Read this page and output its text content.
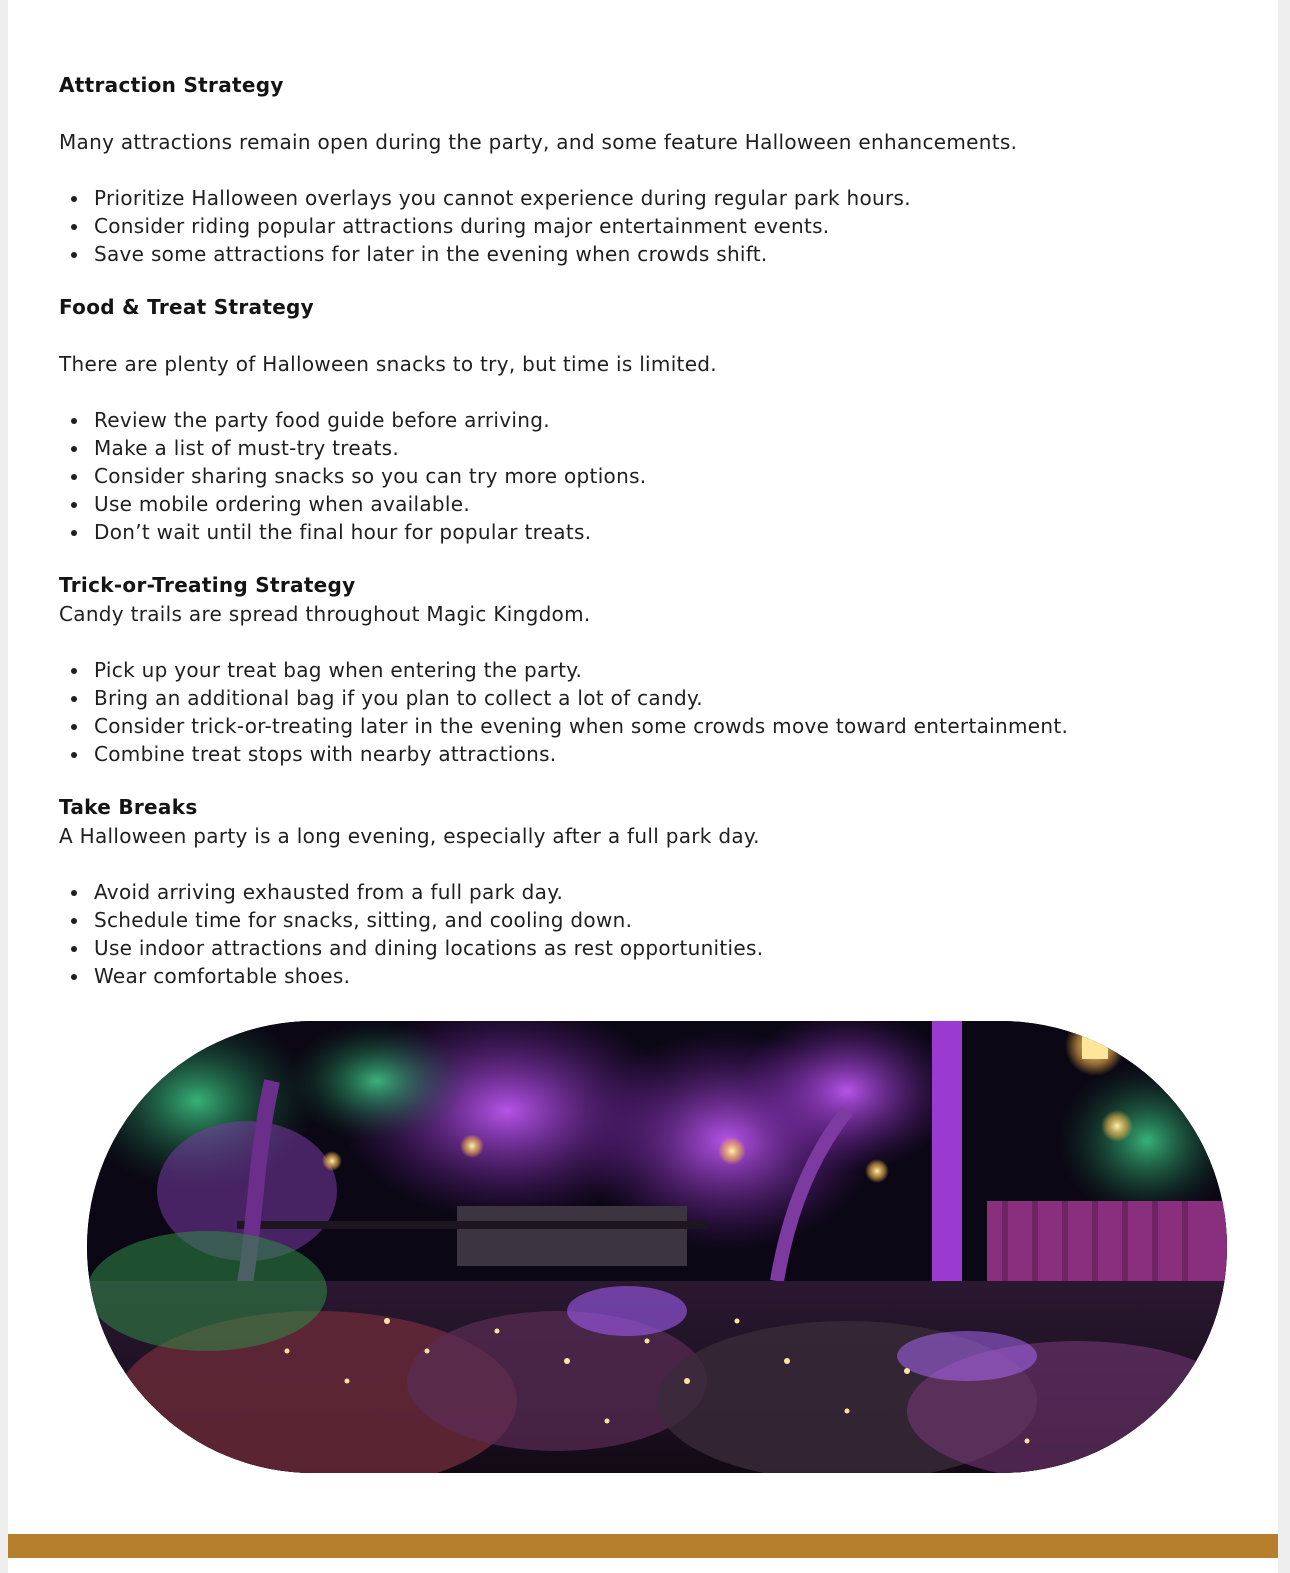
Attraction Strategy

Many attractions remain open during the party, and some feature Halloween enhancements.

Prioritize Halloween overlays you cannot experience during regular park hours.
Consider riding popular attractions during major entertainment events.
Save some attractions for later in the evening when crowds shift.
Food & Treat Strategy

There are plenty of Halloween snacks to try, but time is limited.

Review the party food guide before arriving.
Make a list of must-try treats.
Consider sharing snacks so you can try more options.
Use mobile ordering when available.
Don’t wait until the final hour for popular treats.
Trick-or-Treating Strategy

Candy trails are spread throughout Magic Kingdom.

Pick up your treat bag when entering the party.
Bring an additional bag if you plan to collect a lot of candy.
Consider trick-or-treating later in the evening when some crowds move toward entertainment.
Combine treat stops with nearby attractions.
Take Breaks

A Halloween party is a long evening, especially after a full park day.

Avoid arriving exhausted from a full park day.
Schedule time for snacks, sitting, and cooling down.
Use indoor attractions and dining locations as rest opportunities.
Wear comfortable shoes.
